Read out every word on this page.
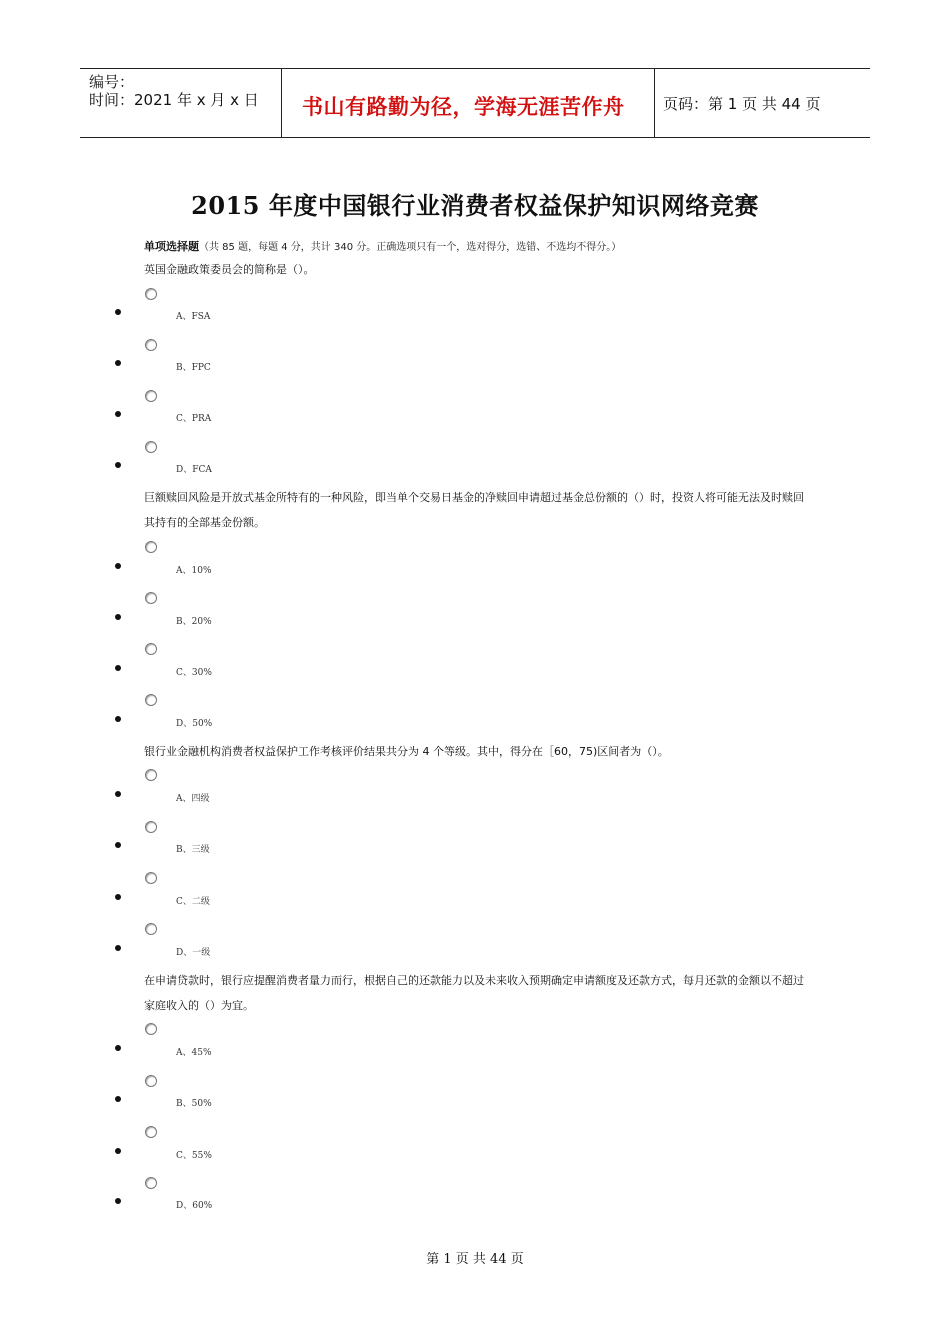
编号：
时间：2021 年 x 月 x 日 书山有路勤为径，学海无涯苦作舟	页码：第 1 页 共 44 页
2015 年度中国银行业消费者权益保护知识网络竞赛
单项选择题（共 85 题，每题 4 分，共计 340 分。正确选项只有一个，选对得分，选错、不选均不得分。）
英国金融政策委员会的简称是（）。
A、FSA
B、FPC
C、PRA
D、FCA
巨额赎回风险是开放式基金所特有的一种风险，即当单个交易日基金的净赎回申请超过基金总份额的（）时，投资人将可能无法及时赎回其持有的全部基金份额。
A、10%
B、20%
C、30%
D、50%
银行业金融机构消费者权益保护工作考核评价结果共分为 4 个等级。其中，得分在［60，75)区间者为（）。
A、四级
B、三级
C、二级
D、一级
在申请贷款时，银行应提醒消费者量力而行，根据自己的还款能力以及未来收入预期确定申请额度及还款方式，每月还款的金额以不超过家庭收入的（）为宜。
A、45%
B、50%
C、55%
D、60%
第 1 页 共 44 页
